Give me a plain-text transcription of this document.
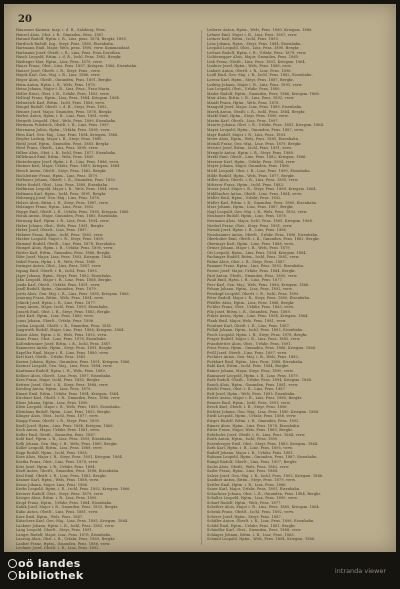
20
Haunsner Kasimir, Insp. i. d. R., Salzburg, Pens.
Hansel Alois, Obst. i. R., Gmunden, Pens. 1887.
Harand Rudolf, Hptm. i. R., Linz, pens. 1874, Bergkr. 1895.
Hardtsch Rudolf, Ing., Steyr, Pens. 1880, Eisenbahn.
Hartmann Emil, Major, Wels, pens. 1890, verw. Kommandant.
Hartmann Josef, Obstlt. i. R., Linz, Pens. Frau Dorothea.
Hasch Leopold, Rittm. i. d. R., Ischl, Pens. 1882, Bergkr.
Haslinger Max, Hptm., Linz, Pens. 1879, verw.
Hauer Franz, Obst., Linz, Pens. 1897, Kriegsm. 1866, Eisenbahn.
Hauser Josef, Oberlt. i. R., Steyr, Pens., verw.
Hayek Karl, Gen.-Maj. i. R., Linz, 1886, verw.
Heger Alois, Obstlt., Gmunden, Pens. 1891, Bergkr.
Heim Anton, Hptm. i. R., Wels, Pens. 1878.
Heinz Johann, Major i. R., Linz, Pens., Frau Maria.
Heller Ernst, Obst. i. R., Urfahr, Pens. 1893, verw.
Hellrigl Franz, Hptm., Linz, Pens. 1884, Kriegsm. 1864.
Helmreich Karl, Rittm., Ischl, Pens. 1888, verw.
Hengel Rudolf, Oberlt. i. d. R., Steyr, Pens. 1892.
Henner Josef, Major, Gmunden, Pens. 1876, Bergkr.
Herbst Anton, Hptm. i. R., Linz, Pens. 1881, verw.
Hergeth Leopold, Obst., Wels, Pens. 1899, Eisenbahn.
Hermann Friedrich, Obstlt. i. R., Linz, Pens. 1887.
Herrmann Julius, Hptm., Urfahr, Pens. 1885, verw.
Hess Karl, Gen.-Maj., Linz, Pens. 1894, Kriegsm. 1866.
Heyder Ludwig, Major i. R., Steyr, Pens. 1880.
Hiebl Josef, Hptm., Gmunden, Pens. 1883, Bergkr.
Hierl Franz, Oberlt., Linz, Pens. 1890, verw.
Hilber Alois, Obst. i. R., Ischl, Pens. 1877, Eisenbahn.
Hillebrand Emil, Rittm., Wels, Pens. 1895.
Hinterberger Josef, Hptm. i. R., Linz, Pens. 1886, verw.
Hintner Karl, Major, Urfahr, Pens. 1889, Kriegsm. 1864.
Hirsch Anton, Obstlt., Steyr, Pens. 1882, Bergkr.
Hochleitner Franz, Hptm., Linz, Pens. 1879.
Hofbauer Johann, Oberlt. i. R., Gmunden, Pens. 1893.
Hofer Rudolf, Obst., Linz, Pens. 1888, Eisenbahn.
Hoffmann Leopold, Major i. R., Wels, Pens. 1884, verw.
Hofmann Karl, Hptm., Ischl, Pens. 1891, Bergkr.
Hohenegg Josef, Gen.-Maj., Linz, Pens. 1876.
Holzer Alois, Rittm. i. R., Steyr, Pens. 1887, verw.
Holzinger Franz, Hptm., Linz, Pens. 1892.
Hoppe Emil, Obstlt. i. R., Urfahr, Pens. 1880, Kriegsm. 1866.
Horak Anton, Major, Gmunden, Pens. 1885, Eisenbahn.
Hornung Karl, Hptm. i. R., Linz, Pens. 1894, verw.
Huber Johann, Obst., Wels, Pens. 1881, Bergkr.
Huber Josef, Oberlt., Linz, Pens. 1897.
Hubmer Franz, Hptm., Ischl, Pens. 1883, verw.
Hueber Leopold, Major i. R., Steyr, Pens. 1889.
Hummel Rudolf, Obstlt., Linz, Pens. 1878, Eisenbahn.
Humpel Alois, Hptm. i. R., Urfahr, Pens. 1890, verw.
Hutter Karl, Rittm., Gmunden, Pens. 1886, Bergkr.
Ibler Josef, Major, Linz, Pens. 1893, Kriegsm. 1864.
Imhof Franz, Hptm. i. R., Wels, Pens. 1880.
Inzinger Anton, Obst., Linz, Pens. 1887, verw.
Irgang Emil, Oberlt. i. R., Ischl, Pens. 1895.
Jäger Johann, Hptm., Steyr, Pens. 1882, Eisenbahn.
Jahn Leopold, Major i. R., Linz, Pens. 1888, Bergkr.
Janda Karl, Obstlt., Urfahr, Pens. 1891, verw.
Jandl Rudolf, Hptm., Gmunden, Pens. 1879.
Jaritz Alois, Gen.-Maj. i. R., Linz, Pens. 1885, Kriegsm. 1866.
Jauernig Franz, Rittm., Wels, Pens. 1894, verw.
Jelinek Josef, Hptm. i. R., Linz, Pens. 1877.
Jenny Anton, Major, Ischl, Pens. 1890, Eisenbahn.
Jirasek Emil, Obst. i. R., Steyr, Pens. 1883, Bergkr.
Jobst Karl, Hptm., Linz, Pens. 1889, verw.
Jonas Johann, Oberlt., Urfahr, Pens. 1896.
Jordan Leopold, Obstlt. i. R., Gmunden, Pens. 1881.
Jungwirth Rudolf, Major, Linz, Pens. 1886, Kriegsm. 1864.
Kaiser Alois, Hptm. i. R., Wels, Pens. 1892, verw.
Kainz Franz, Obst., Linz, Pens. 1878, Eisenbahn.
Kaltenbrunner Josef, Rittm. i. R., Ischl, Pens. 1887.
Kammerer Anton, Hptm., Steyr, Pens. 1893, Bergkr.
Kapeller Emil, Major i. R., Linz, Pens. 1880, verw.
Karl Karl, Obstlt., Urfahr, Pens. 1885.
Karner Johann, Hptm., Gmunden, Pens. 1891, Kriegsm. 1866.
Kastner Leopold, Gen.-Maj., Linz, Pens. 1884, verw.
Kaufmann Rudolf, Hptm. i. R., Wels, Pens. 1889.
Kellner Alois, Oberlt., Linz, Pens. 1897, Eisenbahn.
Kern Franz, Major, Ischl, Pens. 1882, Bergkr.
Kettner Josef, Obst. i. R., Steyr, Pens. 1888, verw.
Kiesling Anton, Hptm., Linz, Pens. 1879.
Kinast Emil, Rittm., Urfahr, Pens. 1894, Kriegsm. 1864.
Kirchner Karl, Obstlt. i. R., Gmunden, Pens. 1886, verw.
Klaus Johann, Hptm., Linz, Pens. 1890.
Klein Leopold, Major i. R., Wels, Pens. 1883, Eisenbahn.
Kleinhans Rudolf, Hptm., Linz, Pens. 1892, Bergkr.
Klinger Alois, Obst., Ischl, Pens. 1877, verw.
Knapp Franz, Oberlt. i. R., Steyr, Pens. 1895.
Knoll Josef, Hptm., Linz, Pens. 1888, Kriegsm. 1866.
Koch Anton, Major, Urfahr, Pens. 1881, verw.
Kofler Emil, Obstlt., Gmunden, Pens. 1887.
Kohl Karl, Hptm. i. R., Linz, Pens. 1893, Eisenbahn.
Kolb Johann, Gen.-Maj. i. R., Wels, Pens. 1880, Bergkr.
Koller Leopold, Rittm., Linz, Pens. 1889, verw.
Kopp Rudolf, Hptm., Ischl, Pens. 1885.
Korn Alois, Major i. R., Steyr, Pens. 1891, Kriegsm. 1864.
Kostka Franz, Obst., Linz, Pens. 1878, verw.
Kotz Josef, Hptm. i. R., Urfahr, Pens. 1894.
Kraft Anton, Oberlt., Gmunden, Pens. 1896, Eisenbahn.
Kral Emil, Obstlt. i. R., Linz, Pens. 1882, Bergkr.
Kramer Karl, Hptm., Wels, Pens. 1888, verw.
Kraus Johann, Major, Linz, Pens. 1886.
Krebs Leopold, Hptm. i. R., Ischl, Pens. 1892, Kriegsm. 1866.
Kreuzer Rudolf, Obst., Steyr, Pens. 1879, verw.
Krieger Alois, Rittm. i. R., Linz, Pens. 1890.
Kropf Franz, Hptm., Urfahr, Pens. 1884, Eisenbahn.
Kubik Josef, Major i. R., Gmunden, Pens. 1893, Bergkr.
Kuhn Anton, Obstlt., Linz, Pens. 1881, verw.
Kurz Emil, Hptm., Wels, Pens. 1887.
Kutschera Karl, Gen.-Maj., Linz, Pens. 1895, Kriegsm. 1864.
Lackner Johann, Hptm. i. R., Ischl, Pens. 1883, verw.
Lang Leopold, Oberlt., Steyr, Pens. 1891.
Langer Rudolf, Major, Linz, Pens. 1878, Eisenbahn.
Lassnig Alois, Obst. i. R., Urfahr, Pens. 1889, Bergkr.
Lauber Franz, Hptm., Gmunden, Pens. 1886, verw.
Lechner Josef, Obstlt. i. R., Linz, Pens. 1892.
Lederer Anton, Hptm., Wels, Pens. 1880, Kriegsm. 1866.
Lehner Emil, Major i. R., Linz, Pens. 1887, verw.
Leitner Karl, Rittm., Ischl, Pens. 1893.
Lenz Johann, Hptm., Steyr, Pens. 1884, Eisenbahn.
Leopold Leopold, Obst., Linz, Pens. 1890, Bergkr.
Lettner Rudolf, Hptm. i. R., Urfahr, Pens. 1879, verw.
Lichtenegger Alois, Major, Gmunden, Pens. 1885.
Lieb Franz, Obstlt., Linz, Pens. 1891, Kriegsm. 1864.
Lindner Josef, Hptm., Wels, Pens. 1888, verw.
Linhart Anton, Oberlt. i. R., Linz, Pens. 1896.
Loidl Emil, Gen.-Maj. i. R., Ischl, Pens. 1882, Eisenbahn.
Lorenz Karl, Hptm., Steyr, Pens. 1887, Bergkr.
Ludwig Johann, Major i. R., Linz, Pens. 1893, verw.
Lux Leopold, Obst., Urfahr, Pens. 1880.
Mader Rudolf, Hptm., Gmunden, Pens. 1886, Kriegsm. 1866.
Mair Alois, Rittm. i. R., Linz, Pens. 1892, verw.
Mandl Franz, Hptm., Wels, Pens. 1878.
Mangold Josef, Major, Linz, Pens. 1889, Eisenbahn.
Marek Anton, Obstlt. i. R., Ischl, Pens. 1884, Bergkr.
Markl Emil, Hptm., Steyr, Pens. 1890, verw.
Martin Karl, Oberlt., Linz, Pens. 1897.
Maurer Johann, Obst. i. R., Urfahr, Pens. 1881, Kriegsm. 1864.
Mayer Leopold, Hptm., Gmunden, Pens. 1887, verw.
Mayr Rudolf, Major i. R., Linz, Pens. 1893.
Meier Alois, Hptm., Wels, Pens. 1885, Eisenbahn.
Meindl Franz, Gen.-Maj., Linz, Pens. 1879, Bergkr.
Meister Josef, Rittm., Ischl, Pens. 1891, verw.
Mengele Anton, Hptm. i. R., Steyr, Pens. 1888.
Merkl Emil, Obstlt., Linz, Pens. 1882, Kriegsm. 1866.
Messner Karl, Hptm., Urfahr, Pens. 1894, verw.
Meyer Johann, Major, Gmunden, Pens. 1886.
Michl Leopold, Obst. i. R., Linz, Pens. 1890, Eisenbahn.
Milde Rudolf, Hptm., Wels, Pens. 1877, Bergkr.
Miller Alois, Oberlt. i. R., Linz, Pens. 1895, verw.
Mitterer Franz, Hptm., Ischl, Pens. 1883.
Moser Josef, Major i. R., Steyr, Pens. 1889, Kriegsm. 1864.
Mühlbacher Anton, Obstlt., Linz, Pens. 1884, verw.
Müller Emil, Hptm., Urfahr, Pens. 1892.
Müller Karl, Rittm. i. R., Gmunden, Pens. 1880, Eisenbahn.
Murr Johann, Hptm., Linz, Pens. 1887, Bergkr.
Nagl Leopold, Gen.-Maj. i. R., Wels, Pens. 1893, verw.
Neubauer Rudolf, Hptm., Linz, Pens. 1878.
Neumann Alois, Major, Ischl, Pens. 1885, Kriegsm. 1866.
Niederl Franz, Obst., Steyr, Pens. 1891, verw.
Nowak Josef, Hptm. i. R., Linz, Pens. 1886.
Nussbaumer Anton, Oberlt., Urfahr, Pens. 1896, Eisenbahn.
Oberhuber Emil, Obstlt. i. R., Gmunden, Pens. 1882, Bergkr.
Obermayr Karl, Hptm., Linz, Pens. 1888, verw.
Ortner Johann, Major i. R., Wels, Pens. 1879.
Ott Leopold, Hptm., Linz, Pens. 1894, Kriegsm. 1864.
Pachinger Rudolf, Rittm., Ischl, Pens. 1881, verw.
Palme Alois, Obst. i. R., Steyr, Pens. 1887.
Pammer Franz, Hptm., Linz, Pens. 1893, Eisenbahn.
Parzer Josef, Major, Urfahr, Pens. 1884, Bergkr.
Paul Anton, Obstlt., Gmunden, Pens. 1890, verw.
Pauli Emil, Hptm. i. R., Linz, Pens. 1877.
Peer Karl, Gen.-Maj., Wels, Pens. 1886, Kriegsm. 1866.
Peham Johann, Hptm., Linz, Pens. 1892, verw.
Pernkopf Leopold, Oberlt. i. R., Ischl, Pens. 1895.
Peter Rudolf, Major i. R., Steyr, Pens. 1880, Eisenbahn.
Pfeiffer Alois, Hptm., Linz, Pens. 1888, Bergkr.
Pichler Franz, Obst., Urfahr, Pens. 1883, verw.
Pilz Josef, Rittm. i. R., Gmunden, Pens. 1889.
Pirker Anton, Hptm., Linz, Pens. 1894, Kriegsm. 1864.
Plank Emil, Major, Wels, Pens. 1881, verw.
Pointner Karl, Obstlt. i. R., Linz, Pens. 1887.
Pollak Johann, Hptm., Ischl, Pens. 1893, Eisenbahn.
Posch Leopold, Hptm. i. R., Steyr, Pens. 1878, Bergkr.
Prager Rudolf, Major i. R., Linz, Pens. 1885, verw.
Prandstetter Alois, Obst., Urfahr, Pens. 1891.
Prinz Franz, Hptm., Gmunden, Pens. 1886, Kriegsm. 1866.
Pröll Josef, Oberlt., Linz, Pens. 1897, verw.
Puchner Anton, Gen.-Maj. i. R., Wels, Pens. 1882.
Purkhart Emil, Hptm., Linz, Pens. 1888, Eisenbahn.
Rabl Karl, Rittm., Ischl, Pens. 1884, Bergkr.
Rainer Johann, Major, Steyr, Pens. 1890, verw.
Ramsauer Leopold, Hptm. i. R., Linz, Pens. 1879.
Rath Rudolf, Obstlt., Urfahr, Pens. 1894, Kriegsm. 1864.
Rauch Alois, Hptm., Gmunden, Pens. 1881, verw.
Reichl Franz, Obst. i. R., Linz, Pens. 1887.
Reif Josef, Hptm., Wels, Pens. 1893, Eisenbahn.
Reiter Anton, Major i. R., Linz, Pens. 1885, Bergkr.
Renner Emil, Hptm., Ischl, Pens. 1891, verw.
Resch Karl, Oberlt. i. R., Steyr, Pens. 1896.
Richter Johann, Gen.-Maj., Linz, Pens. 1880, Kriegsm. 1866.
Riedl Leopold, Hptm., Urfahr, Pens. 1886, verw.
Rieger Rudolf, Rittm. i. R., Gmunden, Pens. 1892.
Rinner Alois, Hptm., Linz, Pens. 1878, Eisenbahn.
Ritter Franz, Major, Wels, Pens. 1889, Bergkr.
Rohrhofer Josef, Obstlt. i. R., Linz, Pens. 1884, verw.
Roith Anton, Hptm., Ischl, Pens. 1890.
Rosenberger Emil, Obst., Steyr, Pens. 1883, Kriegsm. 1864.
Roth Karl, Hptm. i. R., Linz, Pens. 1895, verw.
Rudolf Johann, Major i. R., Urfahr, Pens. 1881.
Ruhsam Leopold, Hptm., Gmunden, Pens. 1887, Eisenbahn.
Rumpl Rudolf, Oberlt., Linz, Pens. 1897, Bergkr.
Sachs Alois, Obstlt., Wels, Pens. 1882, verw.
Sailer Franz, Hptm., Linz, Pens. 1888.
Salzer Josef, Gen.-Maj. i. R., Ischl, Pens. 1893, Kriegsm. 1866.
Sandner Anton, Rittm., Steyr, Pens. 1879, verw.
Sattler Emil, Hptm. i. R., Linz, Pens. 1886.
Sauer Karl, Major, Urfahr, Pens. 1891, Eisenbahn.
Schachner Johann, Obst. i. R., Gmunden, Pens. 1884, Bergkr.
Schaller Leopold, Hptm., Linz, Pens. 1890, verw.
Scharf Rudolf, Hptm., Wels, Pens. 1877.
Scheiber Alois, Major i. R., Linz, Pens. 1885, Kriegsm. 1864.
Schenk Franz, Obstlt., Ischl, Pens. 1892, verw.
Scherer Josef, Hptm., Steyr, Pens. 1887.
Schiffer Anton, Oberlt. i. R., Linz, Pens. 1896, Eisenbahn.
Schild Emil, Hptm., Urfahr, Pens. 1881, Bergkr.
Schindler Karl, Obst., Gmunden, Pens. 1888, verw.
Schlager Johann, Rittm. i. R., Linz, Pens. 1883.
Schmid Leopold, Hptm., Wels, Pens. 1894, Kriegsm. 1866.
oö landes
bibliothek	intranda viewer
